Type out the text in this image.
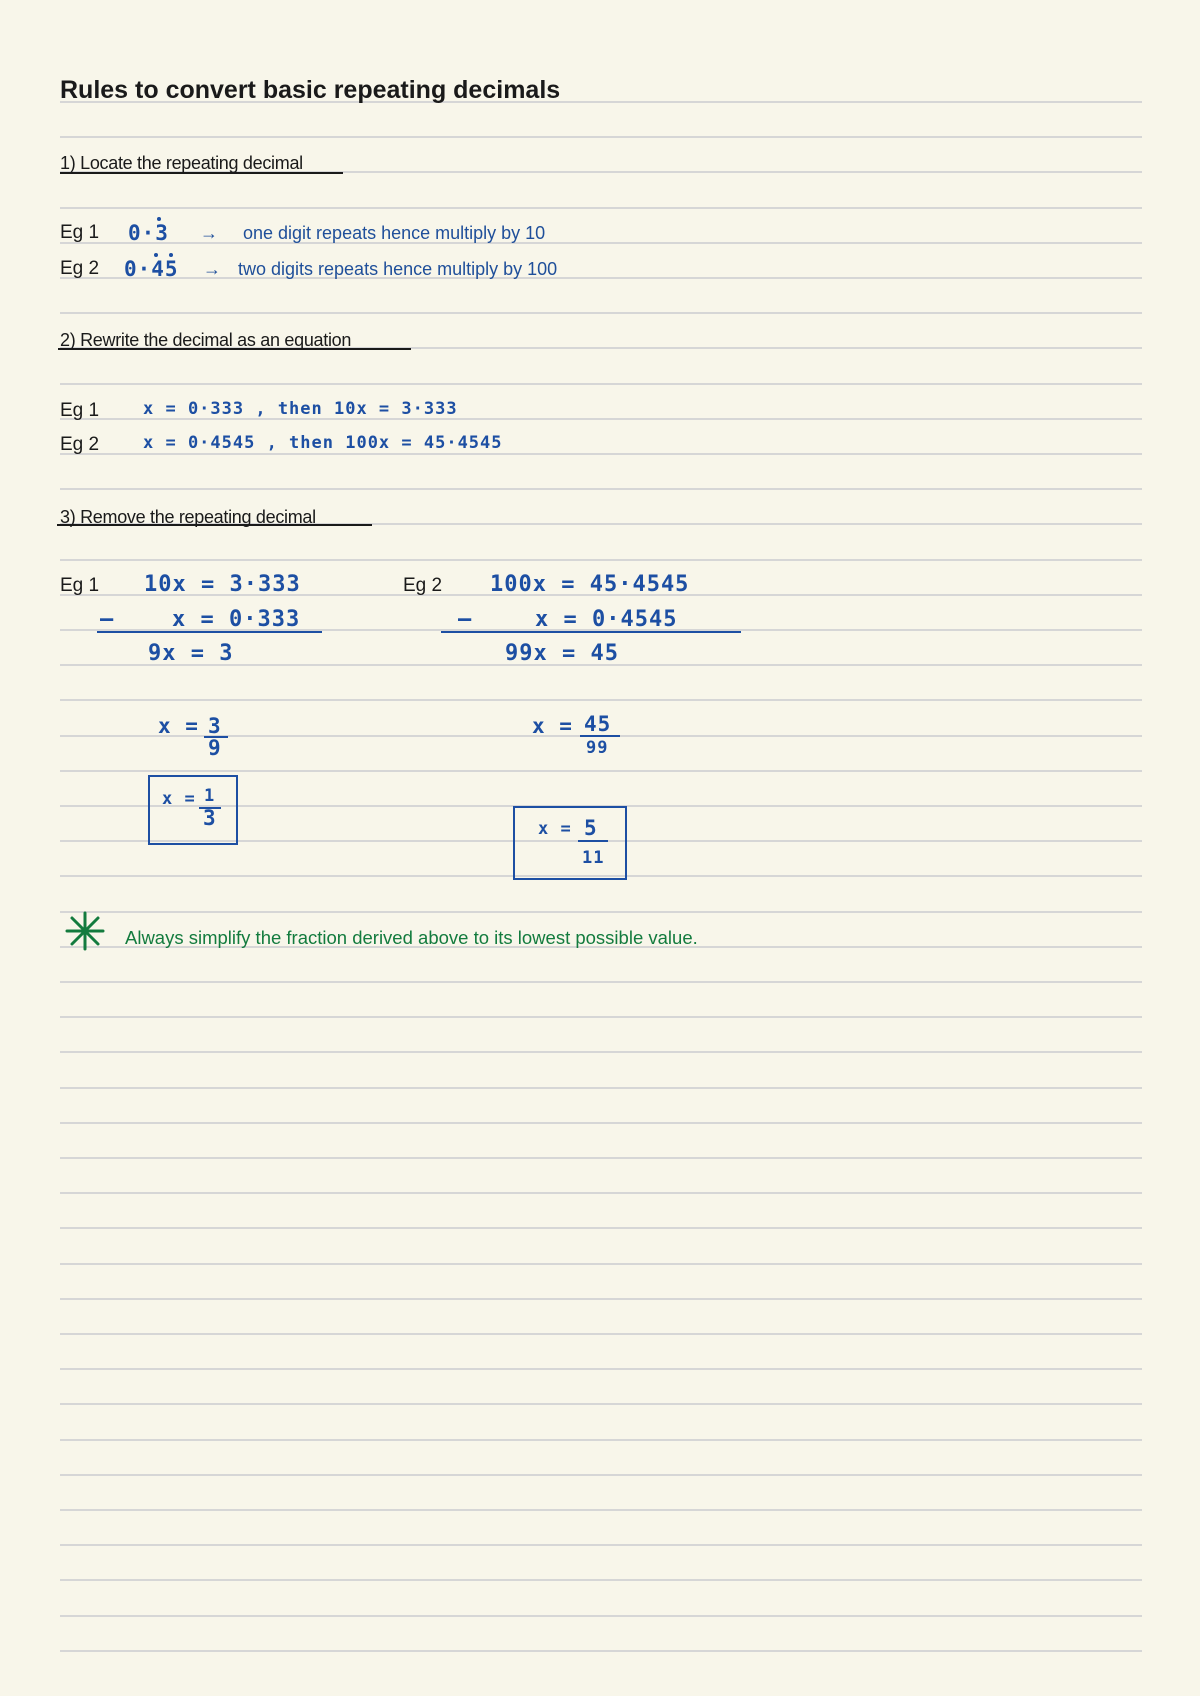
Rules to convert basic repeating decimals
1) Locate the repeating decimal
Eg 1 0·3 → one digit repeats hence multiply by 10
Eg 2 0·45 → two digits repeats hence multiply by 100
2) Rewrite the decimal as an equation
Eg 1	x = 0·333 , then 10x = 3·333
Eg 2	x = 0·4545 , then 100x = 45·4545
3) Remove the repeating decimal
Eg 1 10x = 3·333
–	x = 0·333
9x = 3
x = 3
9
x = 1
3
Eg 2 100x = 45·4545
–	x = 0·4545
99x = 45
x = 45
99
x = 5
11
Always simplify the fraction derived above to its lowest possible value.
